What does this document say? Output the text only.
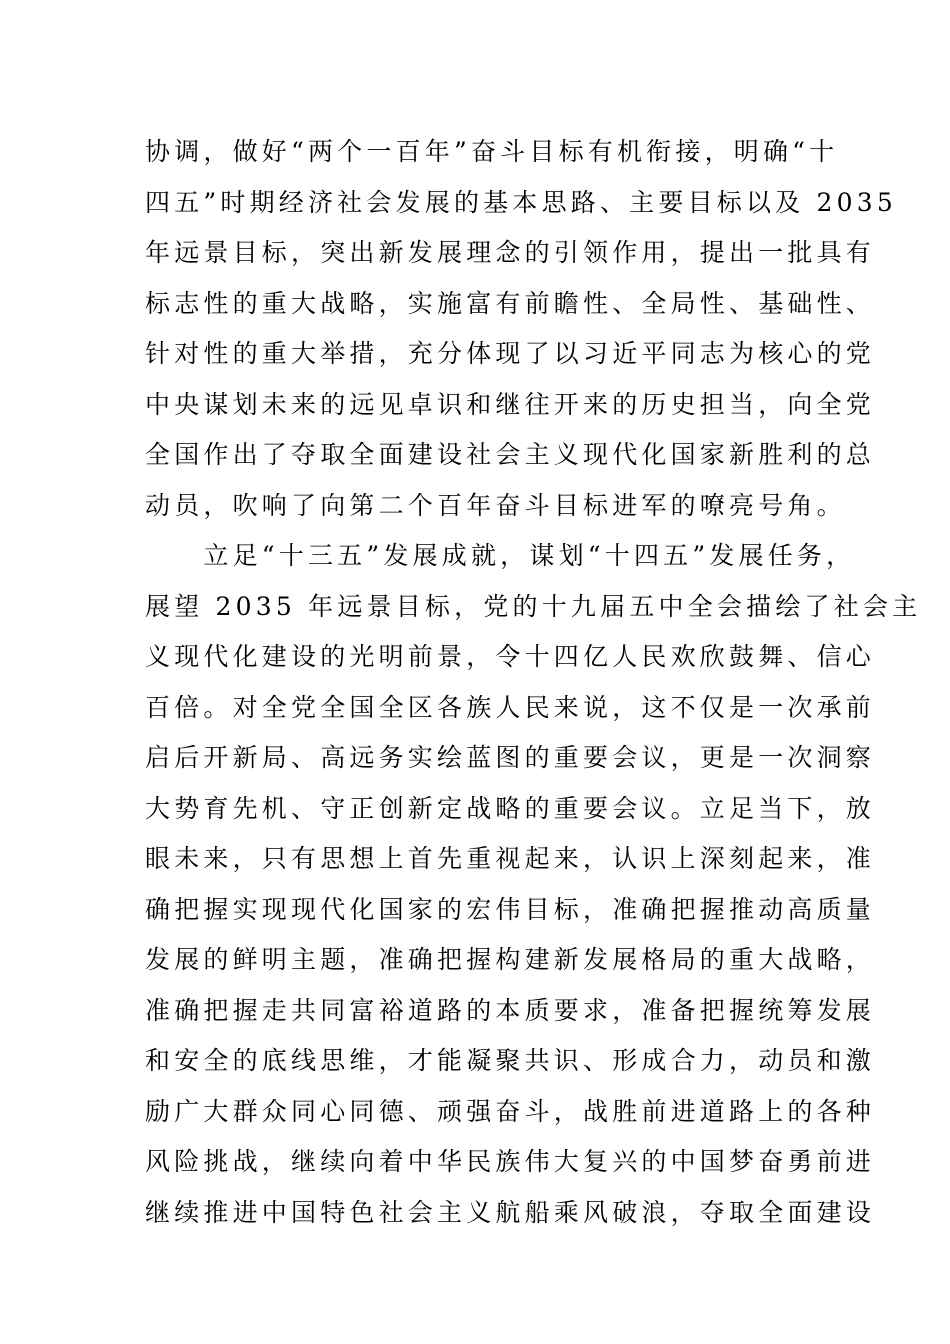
协调，做好“两个一百年”奋斗目标有机衔接，明确“十
四五”时期经济社会发展的基本思路、主要目标以及 2035
年远景目标，突出新发展理念的引领作用，提出一批具有
标志性的重大战略，实施富有前瞻性、全局性、基础性、
针对性的重大举措，充分体现了以习近平同志为核心的党
中央谋划未来的远见卓识和继往开来的历史担当，向全党
全国作出了夺取全面建设社会主义现代化国家新胜利的总
动员，吹响了向第二个百年奋斗目标进军的嘹亮号角。
　　立足“十三五”发展成就，谋划“十四五”发展任务，
展望 2035 年远景目标，党的十九届五中全会描绘了社会主
义现代化建设的光明前景，令十四亿人民欢欣鼓舞、信心
百倍。对全党全国全区各族人民来说，这不仅是一次承前
启后开新局、高远务实绘蓝图的重要会议，更是一次洞察
大势育先机、守正创新定战略的重要会议。立足当下，放
眼未来，只有思想上首先重视起来，认识上深刻起来，准
确把握实现现代化国家的宏伟目标，准确把握推动高质量
发展的鲜明主题，准确把握构建新发展格局的重大战略，
准确把握走共同富裕道路的本质要求，准备把握统筹发展
和安全的底线思维，才能凝聚共识、形成合力，动员和激
励广大群众同心同德、顽强奋斗，战胜前进道路上的各种
风险挑战，继续向着中华民族伟大复兴的中国梦奋勇前进
继续推进中国特色社会主义航船乘风破浪，夺取全面建设
